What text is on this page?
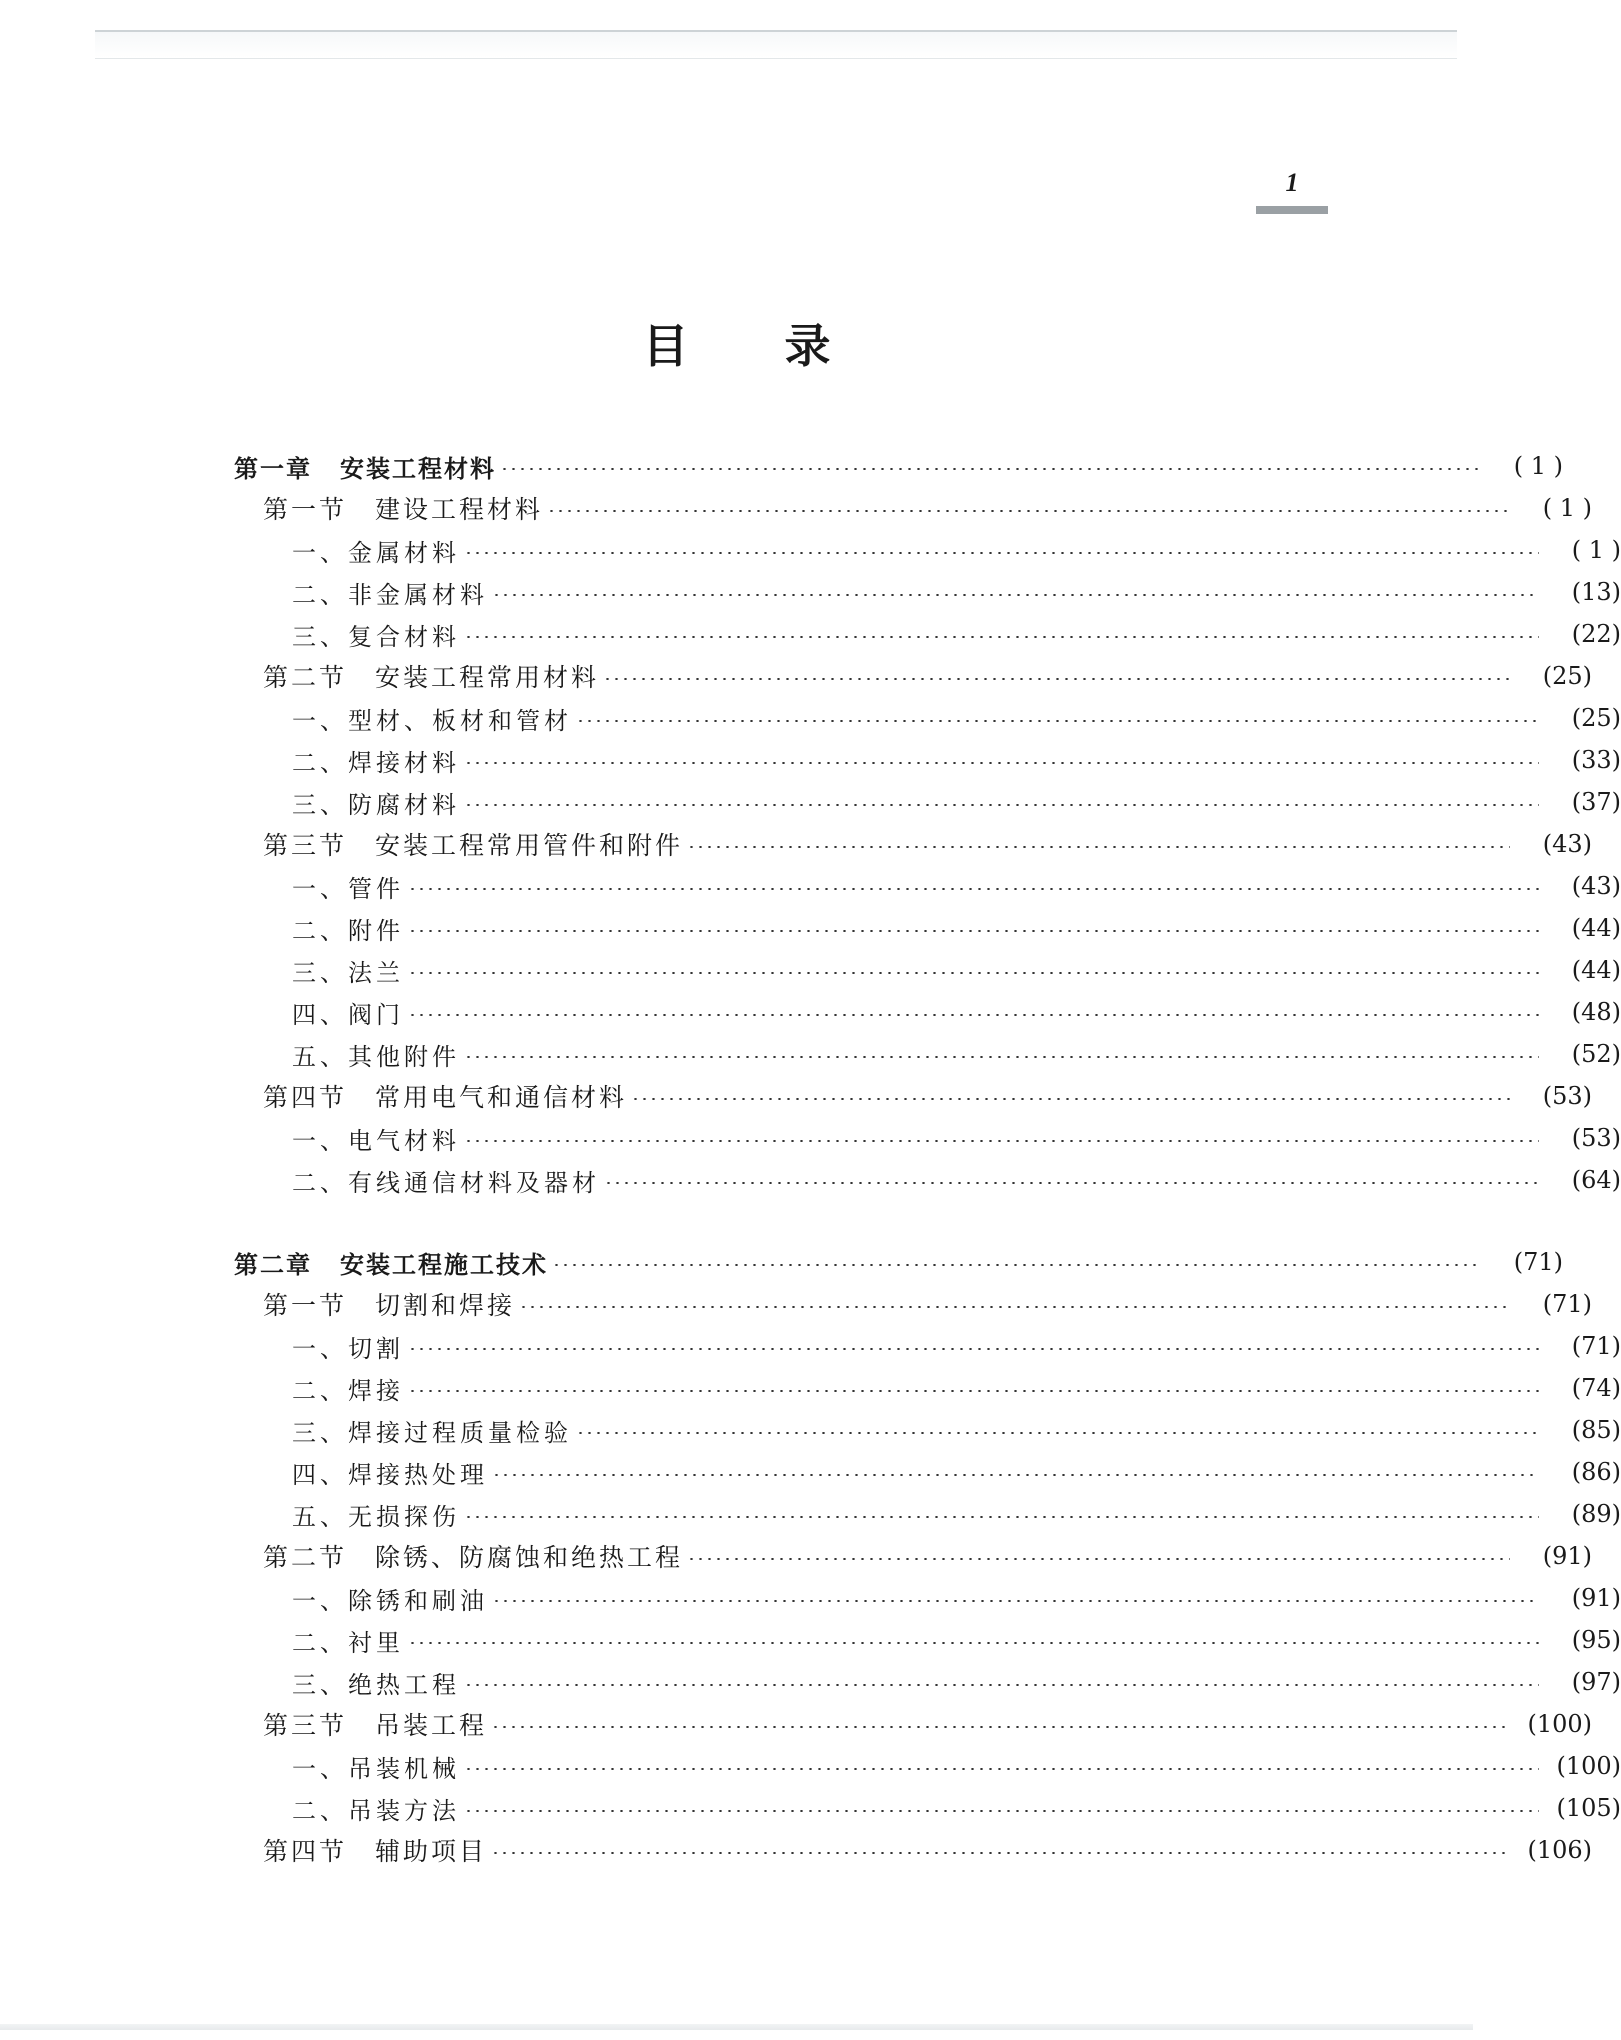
1
目录
第一章 安装工程材料	( 1 )
第一节 建设工程材料	( 1 )
一、金属材料	( 1 )
二、非金属材料	(13)
三、复合材料	(22)
第二节 安装工程常用材料	(25)
一、型材、板材和管材	(25)
二、焊接材料	(33)
三、防腐材料	(37)
第三节 安装工程常用管件和附件	(43)
一、管件	(43)
二、附件	(44)
三、法兰	(44)
四、阀门	(48)
五、其他附件	(52)
第四节 常用电气和通信材料	(53)
一、电气材料	(53)
二、有线通信材料及器材	(64)
第二章 安装工程施工技术	(71)
第一节 切割和焊接	(71)
一、切割	(71)
二、焊接	(74)
三、焊接过程质量检验	(85)
四、焊接热处理	(86)
五、无损探伤	(89)
第二节 除锈、防腐蚀和绝热工程	(91)
一、除锈和刷油	(91)
二、衬里	(95)
三、绝热工程	(97)
第三节 吊装工程	(100)
一、吊装机械	(100)
二、吊装方法	(105)
第四节 辅助项目	(106)
